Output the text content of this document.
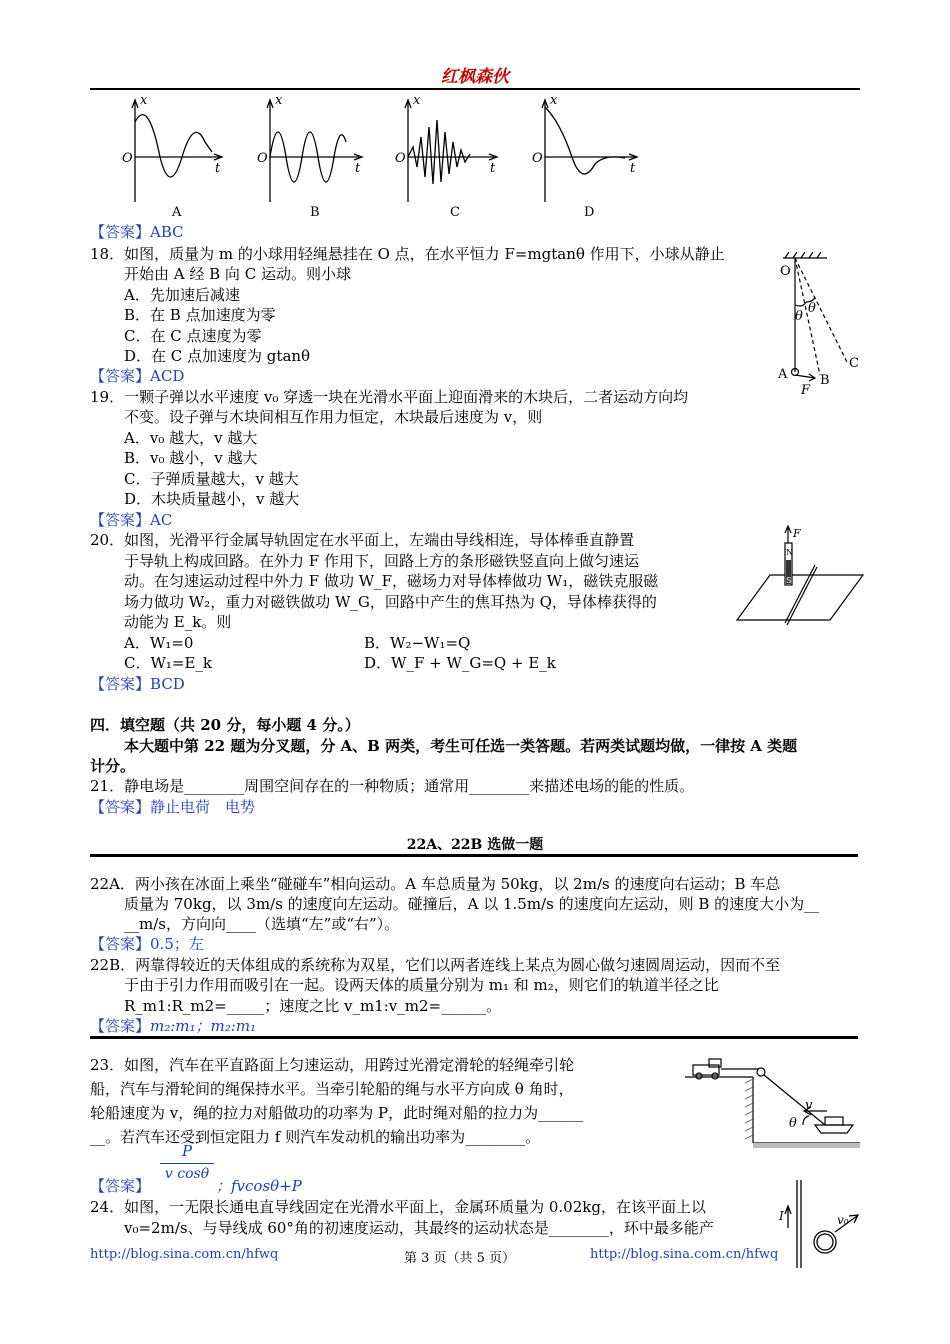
红枫森伙
x
O
t
x
O
t
x
O
t
x
O
t
A	B	C	D
【答案】ABC
18．如图，质量为 m 的小球用轻绳悬挂在 O 点，在水平恒力 F=mgtanθ 作用下，小球从静止
开始由 A 经 B 向 C 运动。则小球
A．先加速后减速
B．在 B 点加速度为零
C．在 C 点速度为零
D．在 C 点加速度为 gtanθ
【答案】ACD
O
θ
θ
A	B
C
F
19．一颗子弹以水平速度 v₀ 穿透一块在光滑水平面上迎面滑来的木块后，二者运动方向均
不变。设子弹与木块间相互作用力恒定，木块最后速度为 v，则
A．v₀ 越大，v 越大
B．v₀ 越小，v 越大
C．子弹质量越大，v 越大
D．木块质量越小，v 越大
【答案】AC
20．如图，光滑平行金属导轨固定在水平面上，左端由导线相连，导体棒垂直静置
于导轨上构成回路。在外力 F 作用下，回路上方的条形磁铁竖直向上做匀速运
动。在匀速运动过程中外力 F 做功 W_F，磁场力对导体棒做功 W₁，磁铁克服磁
场力做功 W₂，重力对磁铁做功 W_G，回路中产生的焦耳热为 Q，导体棒获得的
动能为 E_k。则
A．W₁=0	B．W₂−W₁=Q
C．W₁=E_k	D．W_F + W_G=Q + E_k
【答案】BCD
F
N
S
四．填空题（共 20 分，每小题 4 分。）
本大题中第 22 题为分叉题，分 A、B 两类，考生可任选一类答题。若两类试题均做，一律按 A 类题
计分。
21．静电场是________周围空间存在的一种物质；通常用________来描述电场的能的性质。
【答案】静止电荷　电势
22A、22B 选做一题
22A．两小孩在冰面上乘坐“碰碰车”相向运动。A 车总质量为 50kg，以 2m/s 的速度向右运动；B 车总
质量为 70kg，以 3m/s 的速度向左运动。碰撞后，A 以 1.5m/s 的速度向左运动，则 B 的速度大小为__
__m/s，方向向____（选填“左”或“右”）。
【答案】0.5；左
22B．两靠得较近的天体组成的系统称为双星，它们以两者连线上某点为圆心做匀速圆周运动，因而不至
于由于引力作用而吸引在一起。设两天体的质量分别为 m₁ 和 m₂，则它们的轨道半径之比
R_m1:R_m2=_____；速度之比 v_m1:v_m2=______。
【答案】m₂:m₁；m₂:m₁
23．如图，汽车在平直路面上匀速运动，用跨过光滑定滑轮的轻绳牵引轮
船，汽车与滑轮间的绳保持水平。当牵引轮船的绳与水平方向成 θ 角时，
轮船速度为 v，绳的拉力对船做功的功率为 P，此时绳对船的拉力为______
__。若汽车还受到恒定阻力 f 则汽车发动机的输出功率为________。
【答案】
$\frac{P}{\text{v cosθ}}$
；fvcosθ+P
v
θ
24．如图，一无限长通电直导线固定在光滑水平面上，金属环质量为 0.02kg，在该平面上以
v₀=2m/s、与导线成 60°角的初速度运动，其最终的运动状态是________，环中最多能产
I	v₀
http://blog.sina.com.cn/hfwq	第 3 页（共 5 页）	http://blog.sina.com.cn/hfwq
